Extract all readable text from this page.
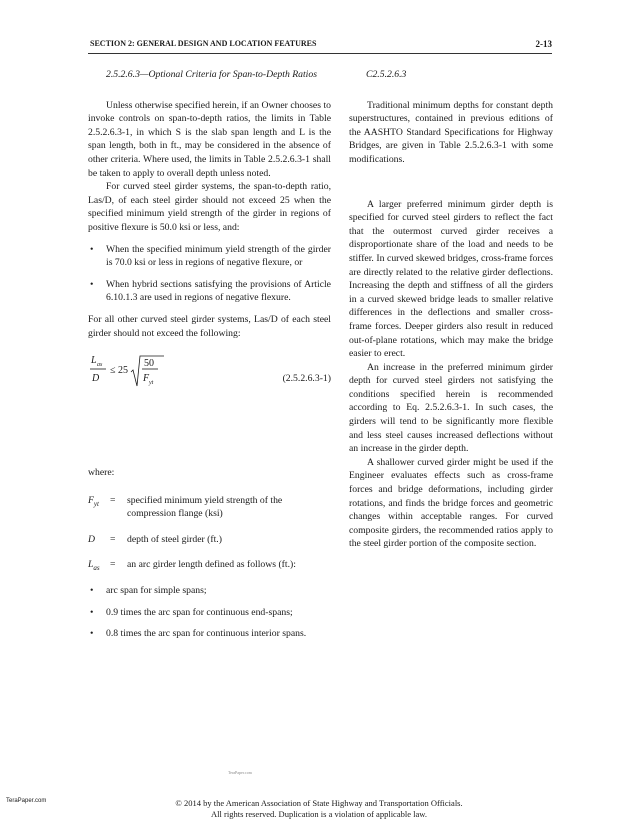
SECTION 2: GENERAL DESIGN AND LOCATION FEATURES	2-13
2.5.2.6.3—Optional Criteria for Span-to-Depth Ratios

Unless otherwise specified herein, if an Owner chooses to invoke controls on span-to-depth ratios, the limits in Table 2.5.2.6.3-1, in which S is the slab span length and L is the span length, both in ft., may be considered in the absence of other criteria. Where used, the limits in Table 2.5.2.6.3-1 shall be taken to apply to overall depth unless noted.

For curved steel girder systems, the span-to-depth ratio, Las/D, of each steel girder should not exceed 25 when the specified minimum yield strength of the girder in regions of positive flexure is 50.0 ksi or less, and:

• When the specified minimum yield strength of the girder is 70.0 ksi or less in regions of negative flexure, or
• When hybrid sections satisfying the provisions of Article 6.10.1.3 are used in regions of negative flexure.

For all other curved steel girder systems, Las/D of each steel girder should not exceed the following:

L as
D
≤ 25
50
F yt	(2.5.2.6.3-1)

where:

$F_{yt}$ = specified minimum yield strength of the compression flange (ksi)
D = depth of steel girder (ft.)
$L_{as}$ = an arc girder length defined as follows (ft.):
• arc span for simple spans;
• 0.9 times the arc span for continuous end-spans;
• 0.8 times the arc span for continuous interior spans.
C2.5.2.6.3

Traditional minimum depths for constant depth superstructures, contained in previous editions of the AASHTO Standard Specifications for Highway Bridges, are given in Table 2.5.2.6.3-1 with some modifications.

A larger preferred minimum girder depth is specified for curved steel girders to reflect the fact that the outermost curved girder receives a disproportionate share of the load and needs to be stiffer. In curved skewed bridges, cross-frame forces are directly related to the relative girder deflections. Increasing the depth and stiffness of all the girders in a curved skewed bridge leads to smaller relative differences in the deflections and smaller cross-frame forces. Deeper girders also result in reduced out-of-plane rotations, which may make the bridge easier to erect.

An increase in the preferred minimum girder depth for curved steel girders not satisfying the conditions specified herein is recommended according to Eq. 2.5.2.6.3-1. In such cases, the girders will tend to be significantly more flexible and less steel causes increased deflections without an increase in the girder depth.

A shallower curved girder might be used if the Engineer evaluates effects such as cross-frame forces and bridge deformations, including girder rotations, and finds the bridge forces and geometric changes within acceptable ranges. For curved composite girders, the recommended ratios apply to the steel girder portion of the composite section.

TeraPaper.com
TeraPaper.com	© 2014 by the American Association of State Highway and Transportation Officials.
All rights reserved. Duplication is a violation of applicable law.
